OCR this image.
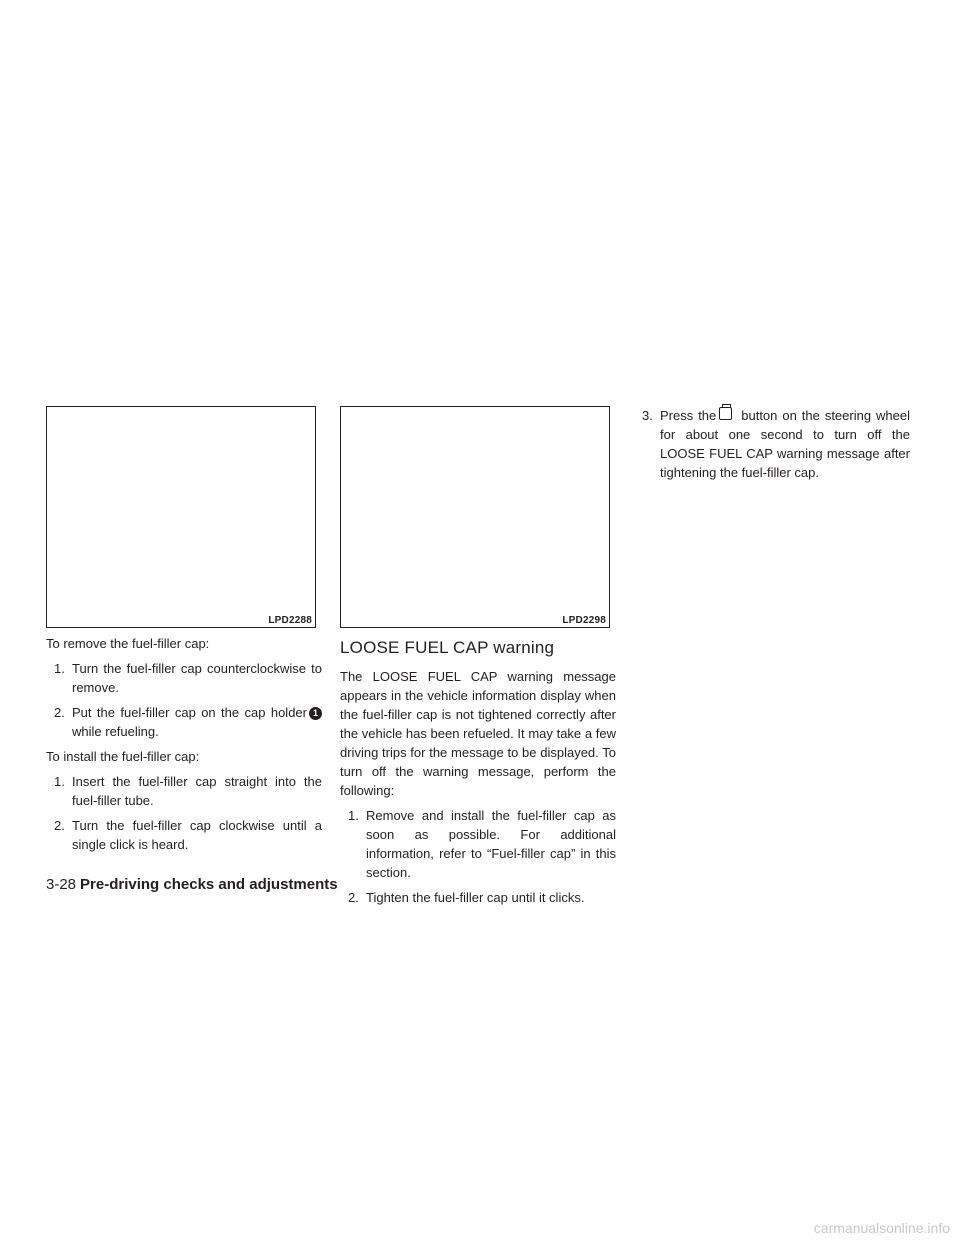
LPD2288	LPD2298

To remove the fuel-filler cap:

1. Turn the fuel-filler cap counterclockwise to remove.
2. Put the fuel-filler cap on the cap holder 1 while refueling.

To install the fuel-filler cap:

1. Insert the fuel-filler cap straight into the fuel-filler tube.
2. Turn the fuel-filler cap clockwise until a single click is heard.
LOOSE FUEL CAP warning

The LOOSE FUEL CAP warning message appears in the vehicle information display when the fuel-filler cap is not tightened correctly after the vehicle has been refueled. It may take a few driving trips for the message to be displayed. To turn off the warning message, perform the following:

1. Remove and install the fuel-filler cap as soon as possible. For additional information, refer to “Fuel-filler cap” in this section.
2. Tighten the fuel-filler cap until it clicks.
3. Press the button on the steering wheel for about one second to turn off the LOOSE FUEL CAP warning message after tightening the fuel-filler cap.
3-28 Pre-driving checks and adjustments
carmanualsonline.info
